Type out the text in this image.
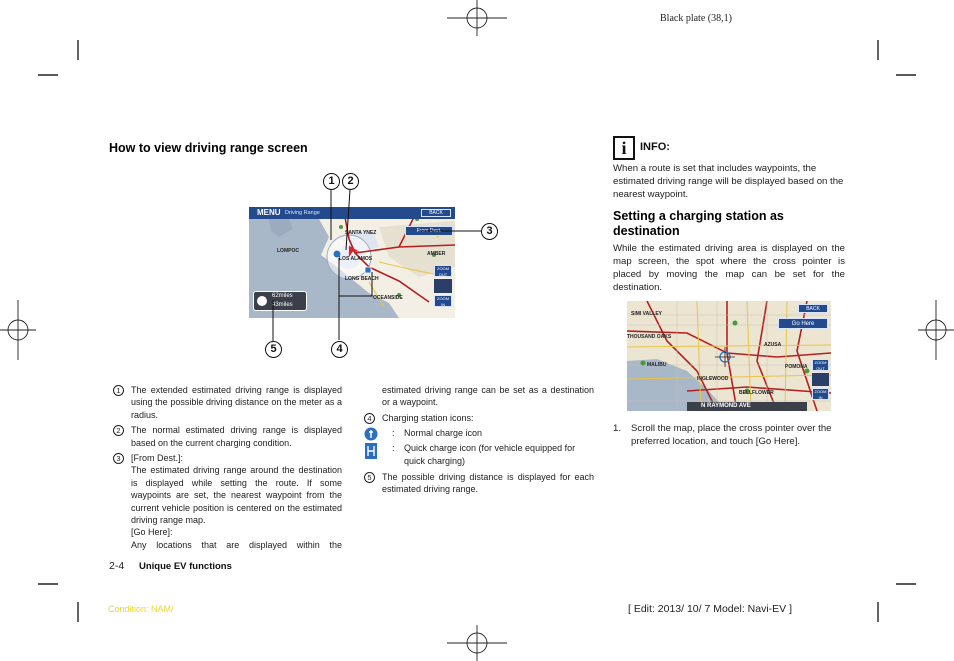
Black plate (38,1)
How to view driving range screen
MENU Driving Range	BACK
From Dest.
LOMPOC
LOS ALAMOS
SANTA YNEZ
AMBER
LONG BEACH
OCEANSIDE
ZOOM OUT
ZOOM IN
62miles
43miles
1	2
3
5	4
1	The extended estimated driving range is displayed using the possible driving distance on the meter as a radius.

2	The normal estimated driving range is displayed based on the current charging condition.

3	[From Dest.]:

The estimated driving range around the destination is displayed while setting the route. If some waypoints are set, the nearest waypoint from the current vehicle position is centered on the estimated driving range map.

[Go Here]:

Any locations that are displayed within the

estimated driving range can be set as a destination or a waypoint.

4	Charging station icons:

:	Normal charge icon
:	Quick charge icon (for vehicle equipped for quick charging)
5	The possible driving distance is displayed for each estimated driving range.

i INFO:

When a route is set that includes waypoints, the estimated driving range will be displayed based on the nearest waypoint.

Setting a charging station as destination

While the estimated driving area is displayed on the map screen, the spot where the cross pointer is placed by moving the map can be set for the destination.

BACK
Go Here
ZOOM OUT
ZOOM IN
SIMI VALLEY
THOUSAND OAKS
AZUSA
MALIBU	POMONA
INGLEWOOD
BELLFLOWER
N RAYMOND AVE
1.	Scroll the map, place the cross pointer over the preferred location, and touch [Go Here].

2-4 Unique EV functions
Condition: NAM/	[ Edit: 2013/ 10/ 7 Model: Navi-EV ]
